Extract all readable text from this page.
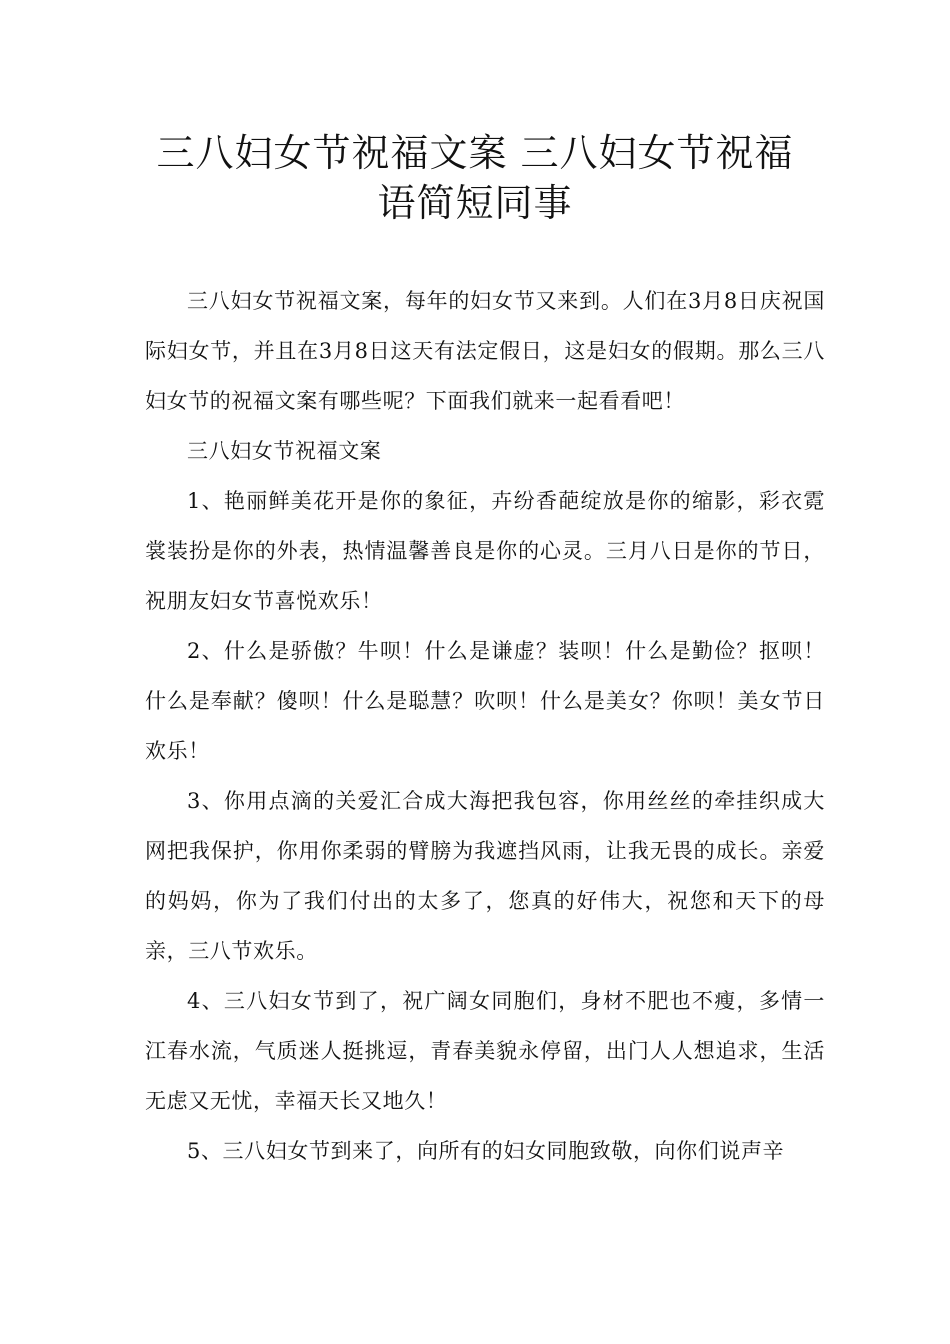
三八妇女节祝福文案 三八妇女节祝福
语简短同事

三八妇女节祝福文案，每年的妇女节又来到。人们在3月8日庆祝国际妇女节，并且在3月8日这天有法定假日，这是妇女的假期。那么三八妇女节的祝福文案有哪些呢？下面我们就来一起看看吧！

三八妇女节祝福文案

1、艳丽鲜美花开是你的象征，卉纷香葩绽放是你的缩影，彩衣霓裳装扮是你的外表，热情温馨善良是你的心灵。三月八日是你的节日，祝朋友妇女节喜悦欢乐！

2、什么是骄傲？牛呗！什么是谦虚？装呗！什么是勤俭？抠呗！什么是奉献？傻呗！什么是聪慧？吹呗！什么是美女？你呗！美女节日欢乐！

3、你用点滴的关爱汇合成大海把我包容，你用丝丝的牵挂织成大网把我保护，你用你柔弱的臂膀为我遮挡风雨，让我无畏的成长。亲爱的妈妈，你为了我们付出的太多了，您真的好伟大，祝您和天下的母亲，三八节欢乐。

4、三八妇女节到了，祝广阔女同胞们，身材不肥也不瘦，多情一江春水流，气质迷人挺挑逗，青春美貌永停留，出门人人想追求，生活无虑又无忧，幸福天长又地久！

5、三八妇女节到来了，向所有的妇女同胞致敬，向你们说声辛
